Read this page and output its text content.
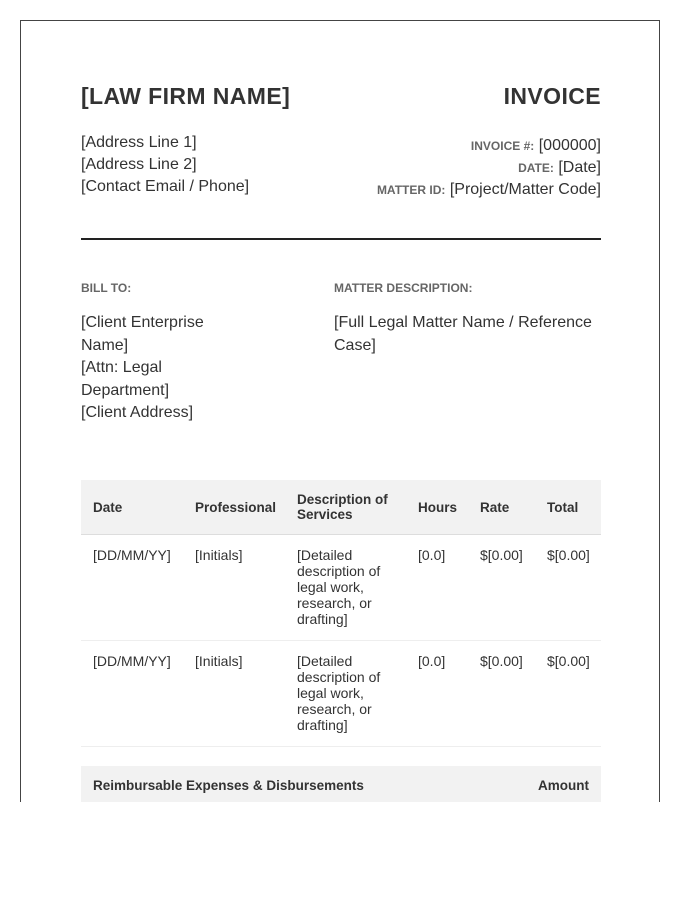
[LAW FIRM NAME]	INVOICE
[Address Line 1]
[Address Line 2]
[Contact Email / Phone]
INVOICE #: [000000]
DATE: [Date]
MATTER ID: [Project/Matter Code]
BILL TO:	MATTER DESCRIPTION:
[Client Enterprise Name]
[Attn: Legal Department]
[Client Address]
[Full Legal Matter Name / Reference Case]
Date	Professional	Description of Services	Hours	Rate	Total
[DD/MM/YY]	[Initials]	[Detailed description of legal work, research, or drafting]	[0.0]	$[0.00]	$[0.00]
[DD/MM/YY]	[Initials]	[Detailed description of legal work, research, or drafting]	[0.0]	$[0.00]	$[0.00]
Reimbursable Expenses & Disbursements	Amount
